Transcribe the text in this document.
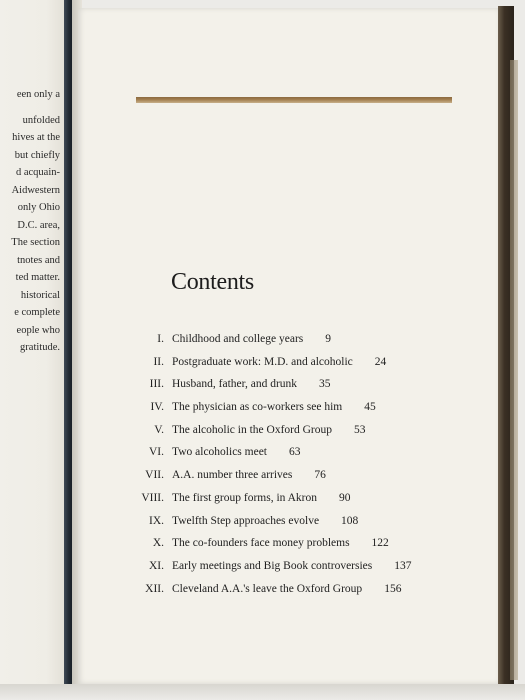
een only a
unfolded
hives at the
but chiefly
d acquain-
Aidwestern
only Ohio
D.C. area,
The section
tnotes and
ted matter.
historical
e complete
eople who
gratitude.
Contents
I. Childhood and college years 9
II. Postgraduate work: M.D. and alcoholic 24
III. Husband, father, and drunk 35
IV. The physician as co-workers see him 45
V. The alcoholic in the Oxford Group 53
VI. Two alcoholics meet 63
VII. A.A. number three arrives 76
VIII. The first group forms, in Akron 90
IX. Twelfth Step approaches evolve 108
X. The co-founders face money problems 122
XI. Early meetings and Big Book controversies 137
XII. Cleveland A.A.'s leave the Oxford Group 156
